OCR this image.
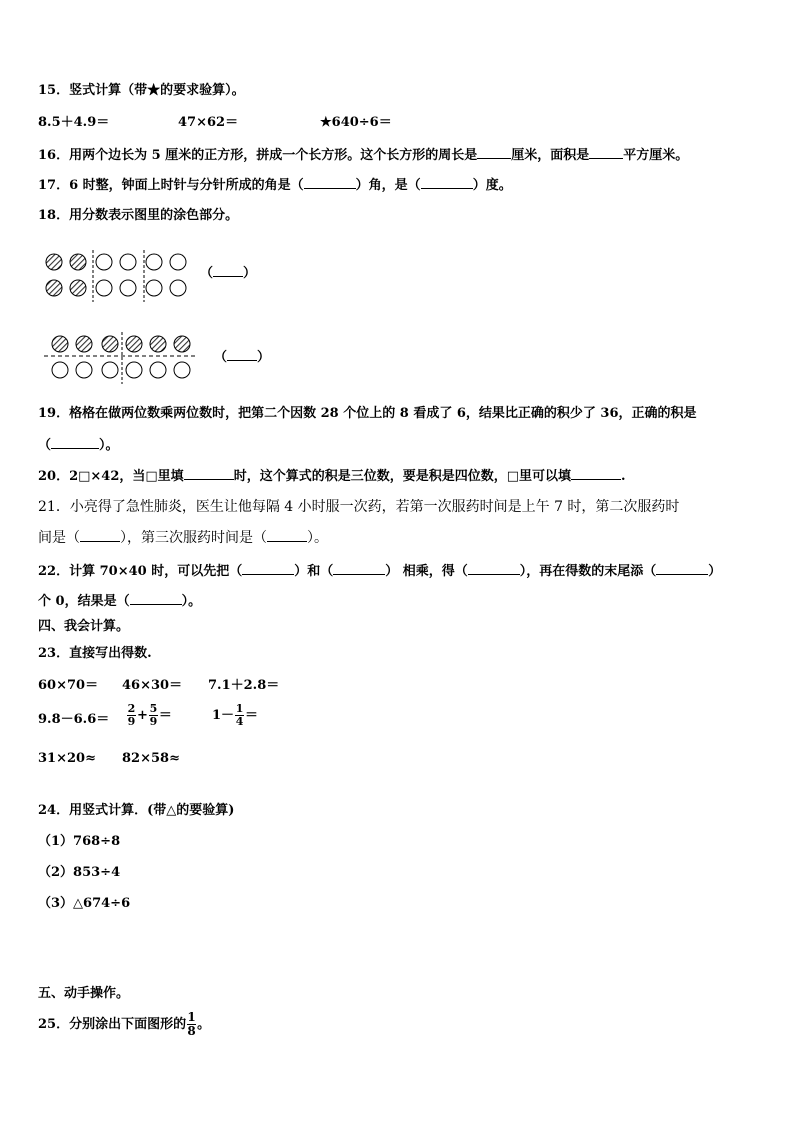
15．竖式计算（带★的要求验算）。
8.5＋4.9＝	47×62＝	★640÷6＝
16．用两个边长为 5 厘米的正方形，拼成一个长方形。这个长方形的周长是	厘米，面积是	平方厘米。
17．6 时整，钟面上时针与分针所成的角是（	）角，是（	）度。
18．用分数表示图里的涂色部分。
（ ）
（ ）
19．格格在做两位数乘两位数时，把第二个因数 28 个位上的 8 看成了 6，结果比正确的积少了 36，正确的积是
（	）。
20．2□×42，当□里填	时，这个算式的积是三位数，要是积是四位数，□里可以填	.
21．小亮得了急性肺炎，医生让他每隔 4 小时服一次药，若第一次服药时间是上午 7 时，第二次服药时
间是（	），第三次服药时间是（	）。
22．计算 70×40 时，可以先把（	）和（	） 相乘，得（	），再在得数的末尾添（	）
个 0，结果是（	）。
四、我会计算。
23．直接写出得数.
60×70＝ 46×30＝ 7.1＋2.8＝
$9.8-6.6= \frac{2}{9} + \frac{5}{9}$ ＝	$1- \frac{1}{4}$ ＝
31×20≈ 82×58≈
24．用竖式计算．(带△的要验算)
（1）768÷8
（2）853÷4
（3）△674÷6
五、动手操作。
25．分别涂出下面图形的 $\frac{1}{8}$ 。
